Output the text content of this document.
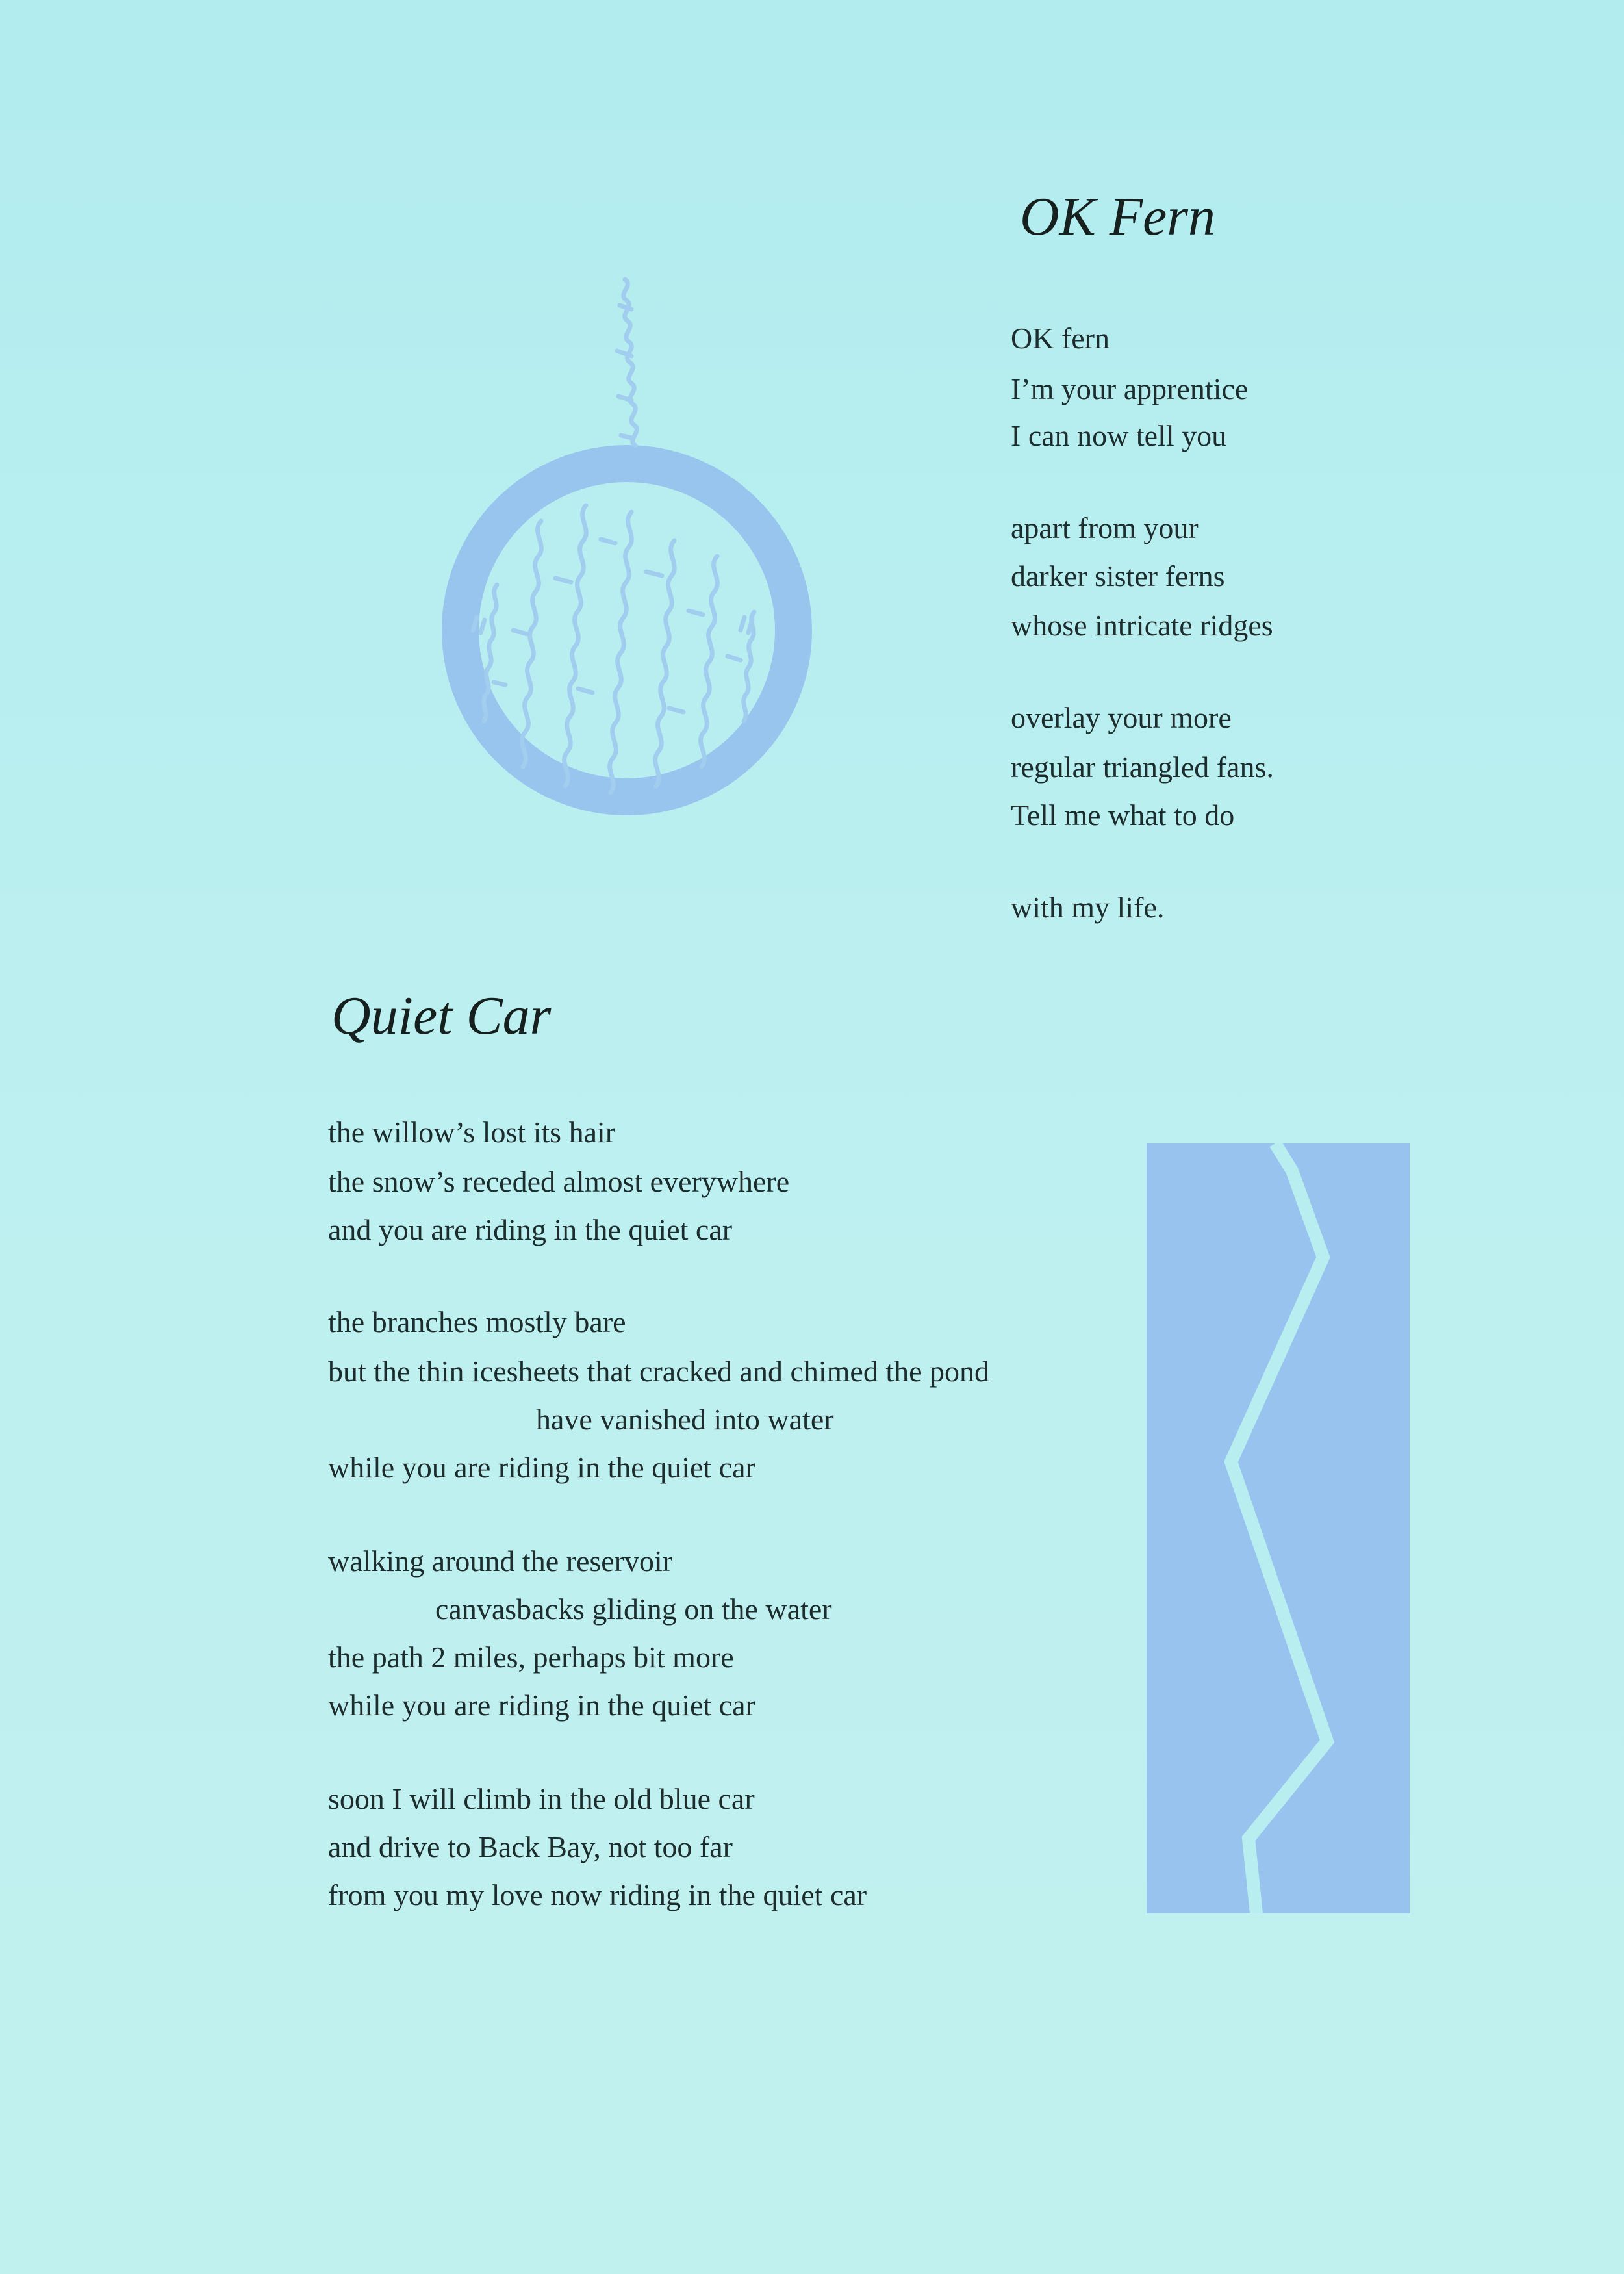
OK Fern
OK fern
I’m your apprentice
I can now tell you
apart from your
darker sister ferns
whose intricate ridges
overlay your more
regular triangled fans.
Tell me what to do
with my life.
Quiet Car
the willow’s lost its hair
the snow’s receded almost everywhere
and you are riding in the quiet car
the branches mostly bare
but the thin icesheets that cracked and chimed the pond
have vanished into water
while you are riding in the quiet car
walking around the reservoir
canvasbacks gliding on the water
the path 2 miles, perhaps bit more
while you are riding in the quiet car
soon I will climb in the old blue car
and drive to Back Bay, not too far
from you my love now riding in the quiet car
